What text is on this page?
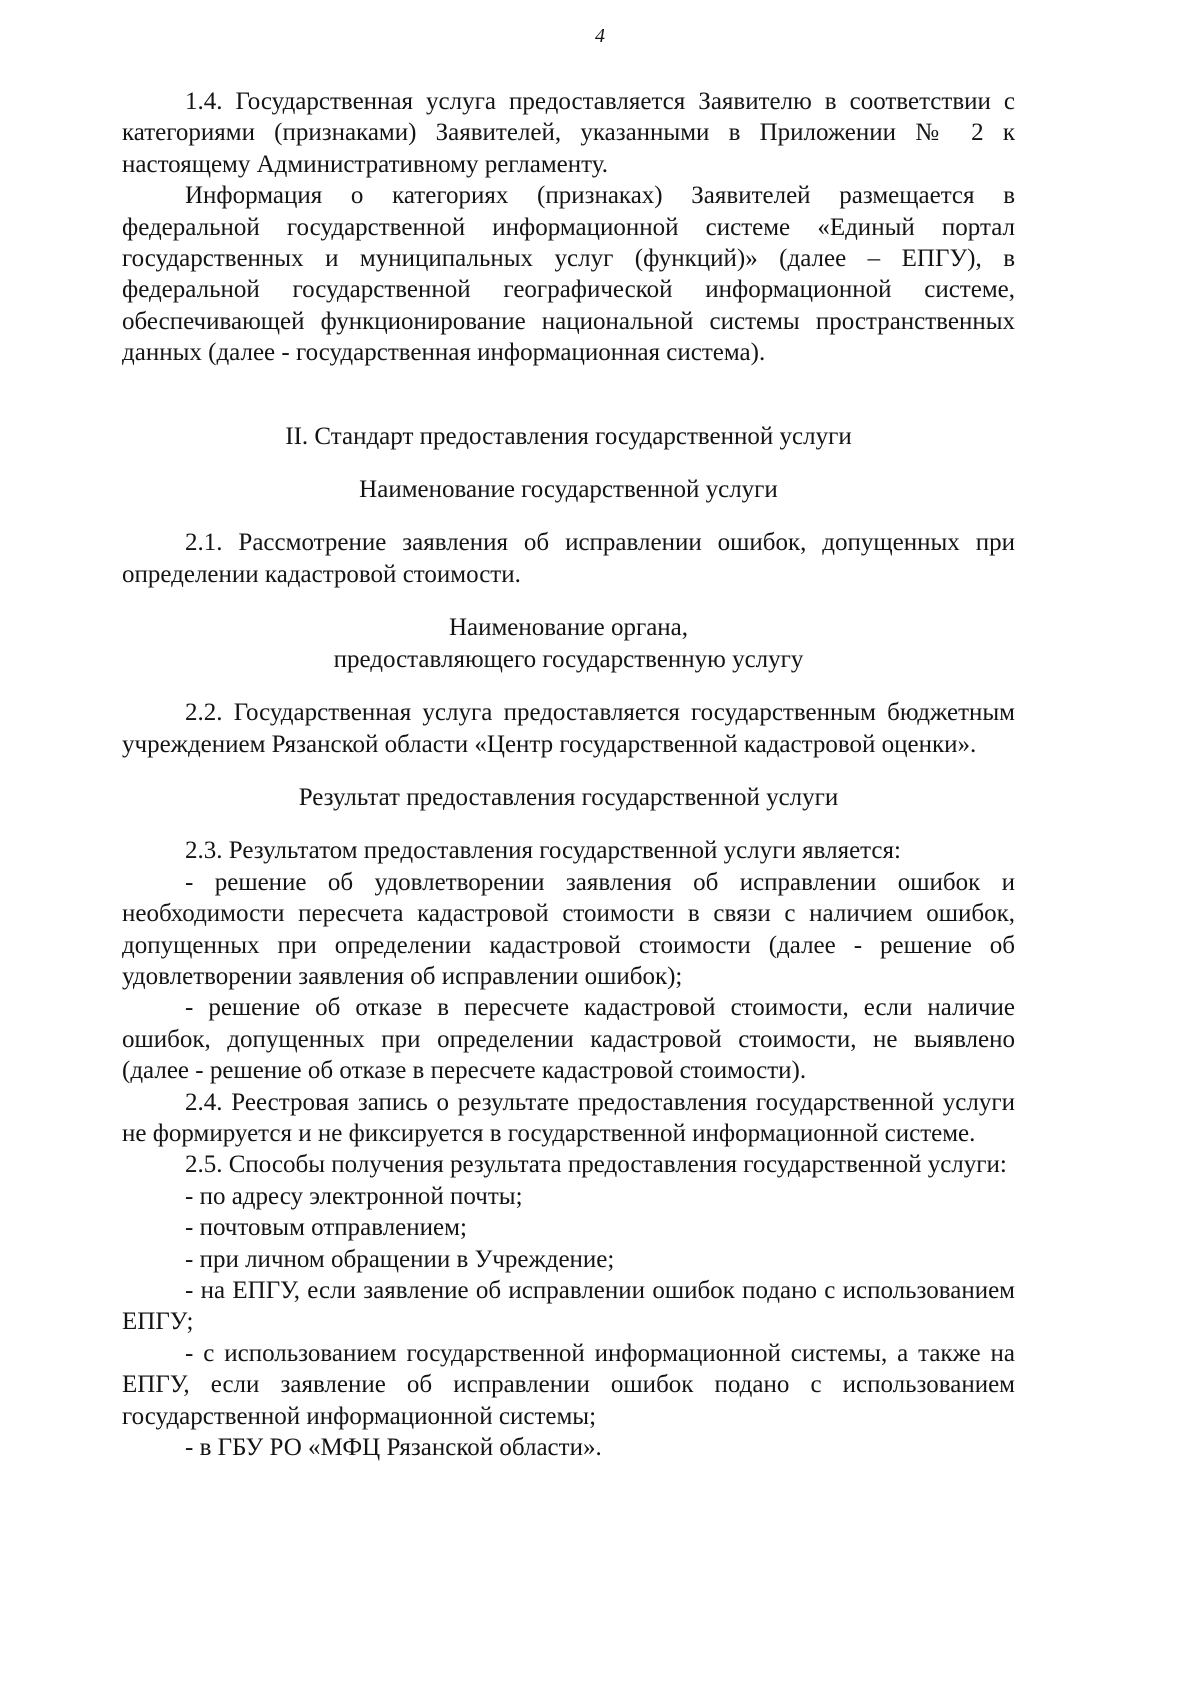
4

1.4. Государственная услуга предоставляется Заявителю в соответствии с категориями (признаками) Заявителей, указанными в Приложении № 2 к настоящему Административному регламенту.

Информация о категориях (признаках) Заявителей размещается в федеральной государственной информационной системе «Единый портал государственных и муниципальных услуг (функций)» (далее – ЕПГУ), в федеральной государственной географической информационной системе, обеспечивающей функционирование национальной системы пространственных данных (далее - государственная информационная система).

II. Стандарт предоставления государственной услуги

Наименование государственной услуги

2.1. Рассмотрение заявления об исправлении ошибок, допущенных при определении кадастровой стоимости.

Наименование органа,

предоставляющего государственную услугу

2.2. Государственная услуга предоставляется государственным бюджетным учреждением Рязанской области «Центр государственной кадастровой оценки».

Результат предоставления государственной услуги

2.3. Результатом предоставления государственной услуги является:

- решение об удовлетворении заявления об исправлении ошибок и необходимости пересчета кадастровой стоимости в связи с наличием ошибок, допущенных при определении кадастровой стоимости (далее - решение об удовлетворении заявления об исправлении ошибок);

- решение об отказе в пересчете кадастровой стоимости, если наличие ошибок, допущенных при определении кадастровой стоимости, не выявлено (далее - решение об отказе в пересчете кадастровой стоимости).

2.4. Реестровая запись о результате предоставления государственной услуги не формируется и не фиксируется в государственной информационной системе.

2.5. Способы получения результата предоставления государственной услуги:

- по адресу электронной почты;

- почтовым отправлением;

- при личном обращении в Учреждение;

- на ЕПГУ, если заявление об исправлении ошибок подано с использованием ЕПГУ;

- с использованием государственной информационной системы, а также на ЕПГУ, если заявление об исправлении ошибок подано с использованием государственной информационной системы;

- в ГБУ РО «МФЦ Рязанской области».
